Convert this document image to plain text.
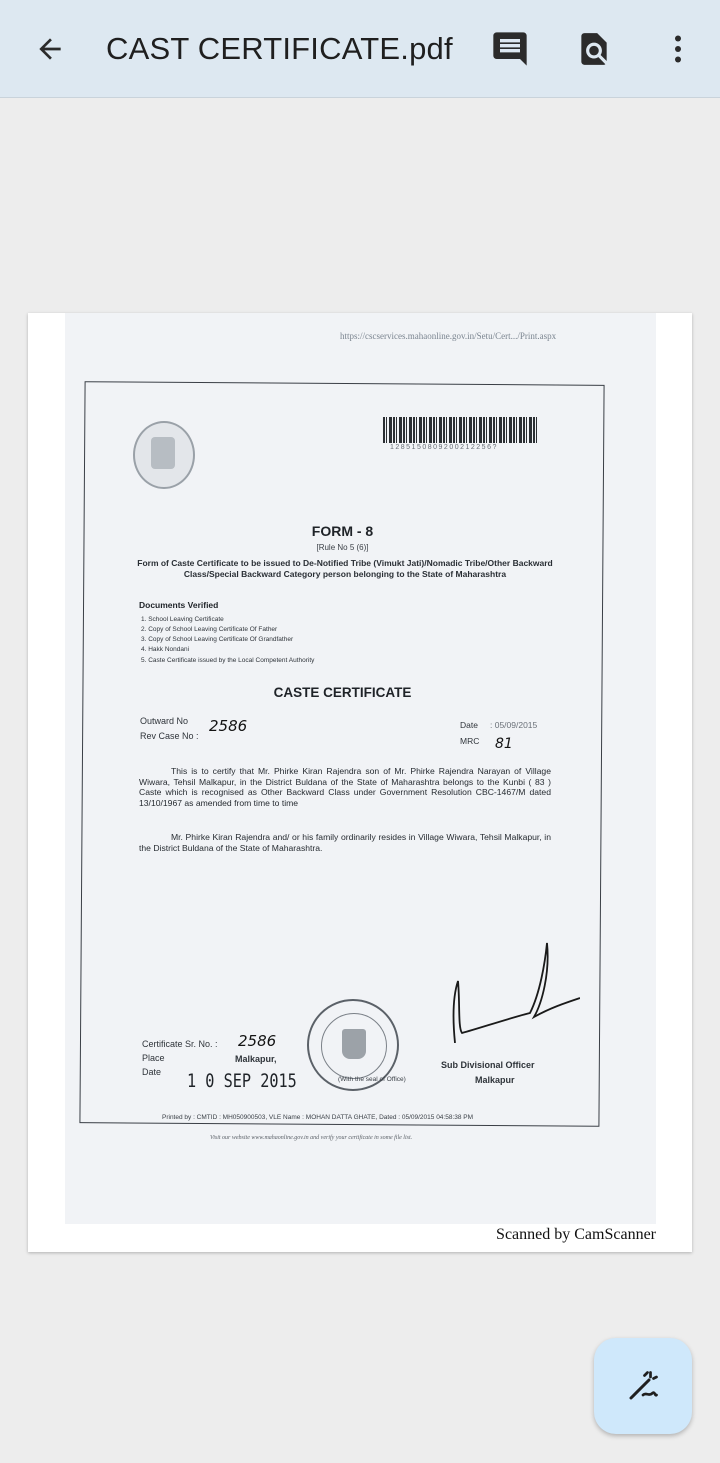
CAST CERTIFICATE.pdf
https://cscservices.mahaonline.gov.in/Setu/Cert.../Print.aspx
1285150809200212256?
FORM - 8
[Rule No 5 (6)]
Form of Caste Certificate to be issued to De-Notified Tribe (Vimukt Jati)/Nomadic Tribe/Other Backward Class/Special Backward Category person belonging to the State of Maharashtra
Documents Verified
1. School Leaving Certificate
2. Copy of School Leaving Certificate Of Father
3. Copy of School Leaving Certificate Of Grandfather
4. Hakk Nondani
5. Caste Certificate issued by the Local Competent Authority
CASTE CERTIFICATE
Outward No 2586
Rev Case No :
Date : 05/09/2015
MRC 81
This is to certify that Mr. Phirke Kiran Rajendra son of Mr. Phirke Rajendra Narayan of Village Wiwara, Tehsil Malkapur, in the District Buldana of the State of Maharashtra belongs to the Kunbi ( 83 ) Caste which is recognised as Other Backward Class under Government Resolution CBC-1467/M dated 13/10/1967 as amended from time to time
Mr. Phirke Kiran Rajendra and/ or his family ordinarily resides in Village Wiwara, Tehsil Malkapur, in the District Buldana of the State of Maharashtra.
Certificate Sr. No. : 2586
Place	Malkapur,
Date 1 0 SEP 2015	(With the seal of Office)
Sub Divisional Officer
Malkapur
Printed by : CMTID : MH050900503, VLE Name : MOHAN DATTA GHATE, Dated : 05/09/2015 04:58:38 PM
Visit our website www.mahaonline.gov.in and verify your certificate in some file list.
Scanned by CamScanner
